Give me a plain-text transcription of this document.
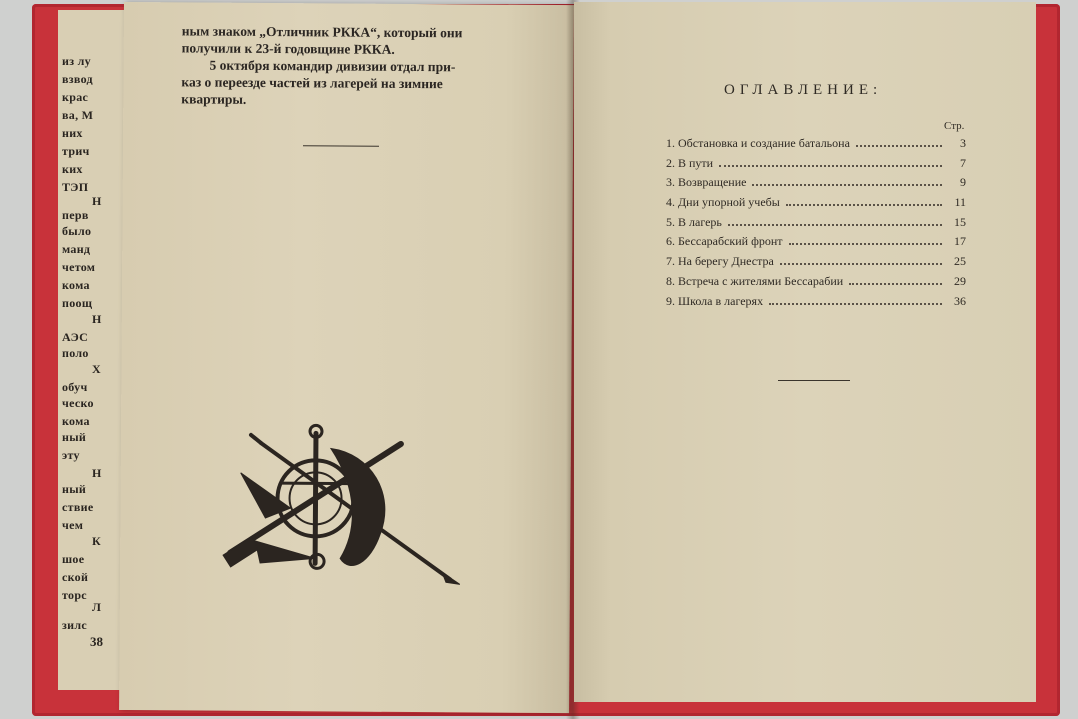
из лу
взвод
крас
ва, М
них
трич
ких
ТЭП
Н
перв
было
манд
четом
кома
поощ
Н
АЭС
поло
Х
обуч
ческо
кома
ный
эту
Н
ный
ствие
чем
К
шое
ской
торс
Л
зилс
38

ным знаком „Отличник РККА“, который они

получили к 23-й годовщине РККА.

5 октября командир дивизии отдал при-

каз о переезде частей из лагерей на зимние

квартиры.

ОГЛАВЛЕНИЕ:
Стр.
1. Обстановка и создание батальона	3
2. В пути	7
3. Возвращение	9
4. Дни упорной учебы	11
5. В лагерь	15
6. Бессарабский фронт	17
7. На берегу Днестра	25
8. Встреча с жителями Бессарабии	29
9. Школа в лагерях	36
